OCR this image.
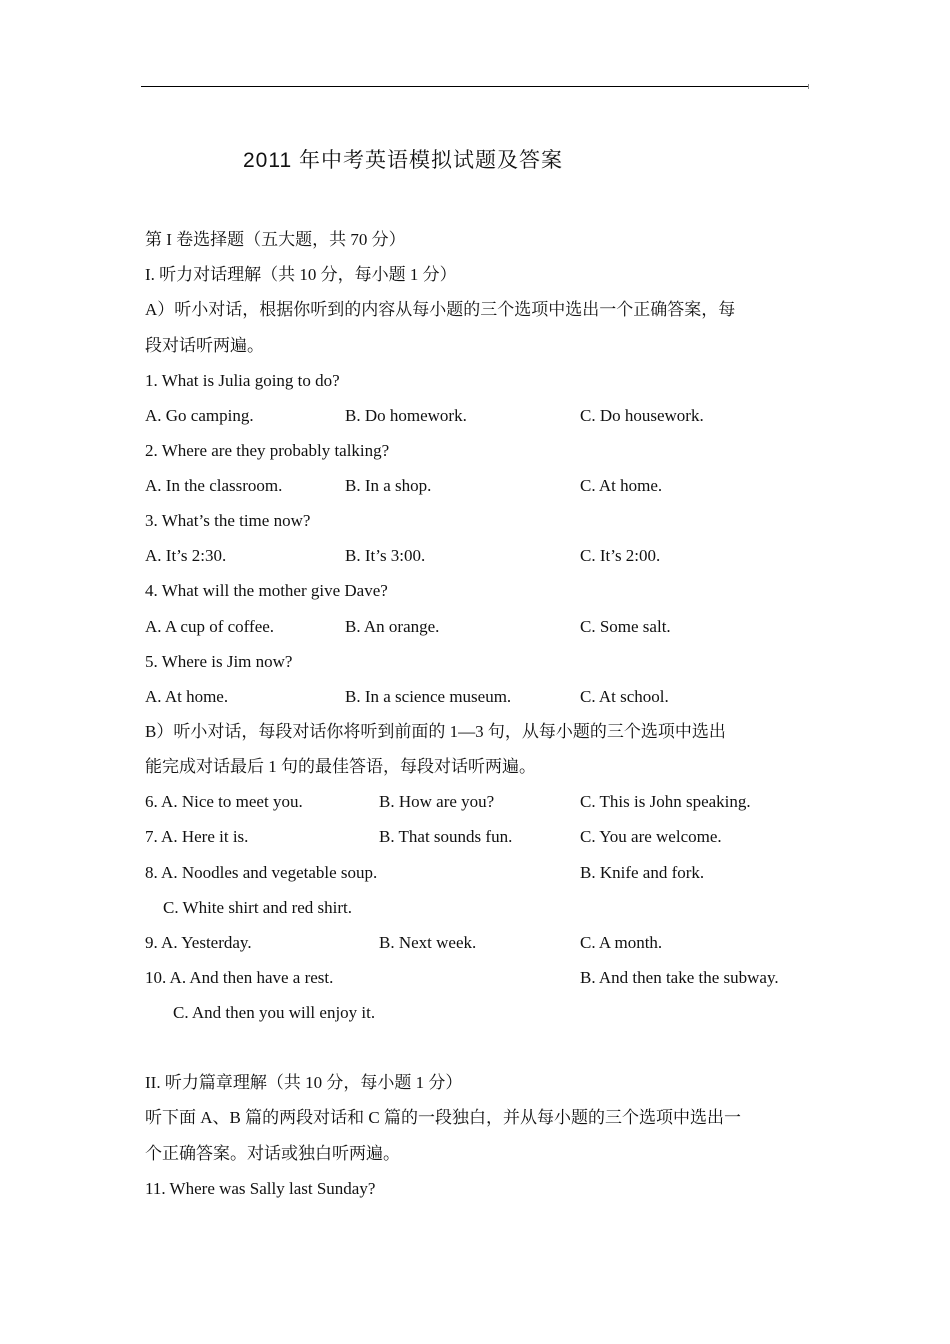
2011 年中考英语模拟试题及答案
第 I 卷选择题（五大题，共 70 分）
I. 听力对话理解（共 10 分，每小题 1 分）
A）听小对话，根据你听到的内容从每小题的三个选项中选出一个正确答案，每
段对话听两遍。
1. What is Julia going to do?
A. Go camping.	B. Do homework.	C. Do housework.
2. Where are they probably talking?
A. In the classroom.	B. In a shop.	C. At home.
3. What’s the time now?
A. It’s 2:30.	B. It’s 3:00.	C. It’s 2:00.
4. What will the mother give Dave?
A. A cup of coffee.	B. An orange.	C. Some salt.
5. Where is Jim now?
A. At home.	B. In a science museum.	C. At school.
B）听小对话，每段对话你将听到前面的 1—3 句，从每小题的三个选项中选出
能完成对话最后 1 句的最佳答语，每段对话听两遍。
6. A. Nice to meet you.	B. How are you?	C. This is John speaking.
7. A. Here it is.	B. That sounds fun.	C. You are welcome.
8. A. Noodles and vegetable soup.	B. Knife and fork.
C. White shirt and red shirt.
9. A. Yesterday.	B. Next week.	C. A month.
10. A. And then have a rest.	B. And then take the subway.
C. And then you will enjoy it.
II. 听力篇章理解（共 10 分，每小题 1 分）
听下面 A、B 篇的两段对话和 C 篇的一段独白，并从每小题的三个选项中选出一
个正确答案。对话或独白听两遍。
11. Where was Sally last Sunday?
